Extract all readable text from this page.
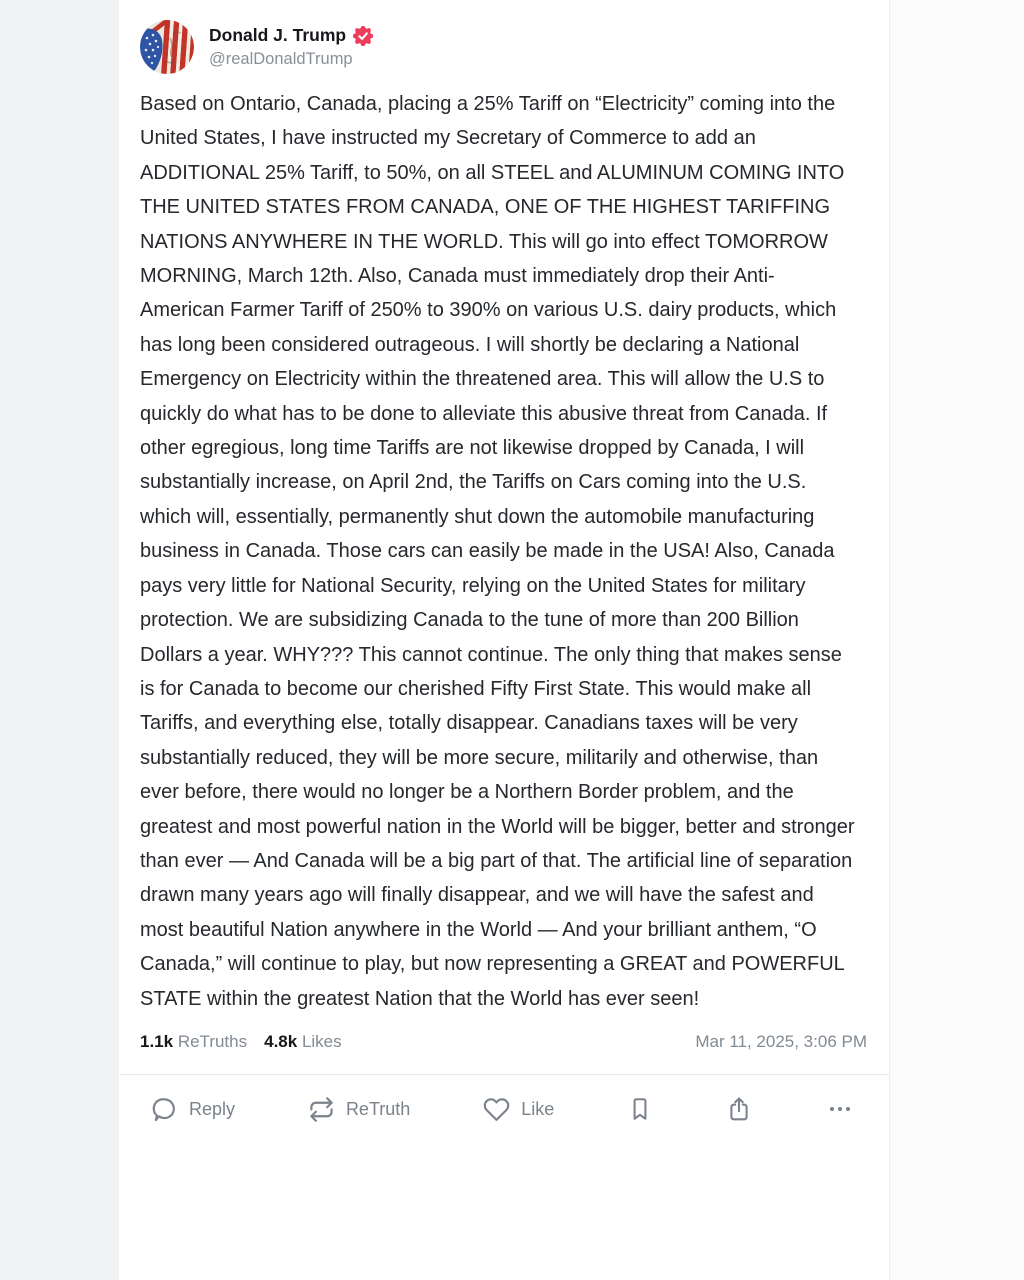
Donald J. Trump
@realDonaldTrump
Based on Ontario, Canada, placing a 25% Tariff on “Electricity” coming into the United States, I have instructed my Secretary of Commerce to add an ADDITIONAL 25% Tariff, to 50%, on all STEEL and ALUMINUM COMING INTO THE UNITED STATES FROM CANADA, ONE OF THE HIGHEST TARIFFING NATIONS ANYWHERE IN THE WORLD. This will go into effect TOMORROW MORNING, March 12th. Also, Canada must immediately drop their Anti-American Farmer Tariff of 250% to 390% on various U.S. dairy products, which has long been considered outrageous. I will shortly be declaring a National Emergency on Electricity within the threatened area. This will allow the U.S to quickly do what has to be done to alleviate this abusive threat from Canada. If other egregious, long time Tariffs are not likewise dropped by Canada, I will substantially increase, on April 2nd, the Tariffs on Cars coming into the U.S. which will, essentially, permanently shut down the automobile manufacturing business in Canada. Those cars can easily be made in the USA! Also, Canada pays very little for National Security, relying on the United States for military protection. We are subsidizing Canada to the tune of more than 200 Billion Dollars a year. WHY??? This cannot continue. The only thing that makes sense is for Canada to become our cherished Fifty First State. This would make all Tariffs, and everything else, totally disappear. Canadians taxes will be very substantially reduced, they will be more secure, militarily and otherwise, than ever before, there would no longer be a Northern Border problem, and the greatest and most powerful nation in the World will be bigger, better and stronger than ever — And Canada will be a big part of that. The artificial line of separation drawn many years ago will finally disappear, and we will have the safest and most beautiful Nation anywhere in the World — And your brilliant anthem, “O Canada,” will continue to play, but now representing a GREAT and POWERFUL STATE within the greatest Nation that the World has ever seen!
1.1k ReTruths 4.8k Likes	Mar 11, 2025, 3:06 PM
Reply	ReTruth	Like
